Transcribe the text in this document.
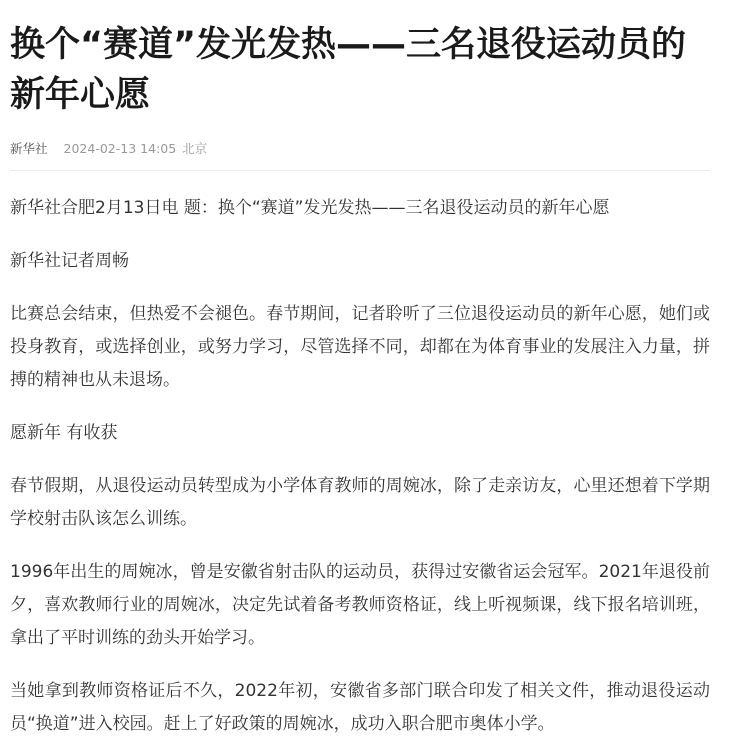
换个“赛道”发光发热——三名退役运动员的新年心愿
新华社 2024-02-13 14:05 北京

新华社合肥2月13日电 题：换个“赛道”发光发热——三名退役运动员的新年心愿

新华社记者周畅

比赛总会结束，但热爱不会褪色。春节期间，记者聆听了三位退役运动员的新年心愿，她们或投身教育，或选择创业，或努力学习，尽管选择不同，却都在为体育事业的发展注入力量，拼搏的精神也从未退场。

愿新年 有收获

春节假期，从退役运动员转型成为小学体育教师的周婉冰，除了走亲访友，心里还想着下学期学校射击队该怎么训练。

1996年出生的周婉冰，曾是安徽省射击队的运动员，获得过安徽省运会冠军。2021年退役前夕，喜欢教师行业的周婉冰，决定先试着备考教师资格证，线上听视频课，线下报名培训班，拿出了平时训练的劲头开始学习。

当她拿到教师资格证后不久，2022年初，安徽省多部门联合印发了相关文件，推动退役运动员“换道”进入校园。赶上了好政策的周婉冰，成功入职合肥市奥体小学。
